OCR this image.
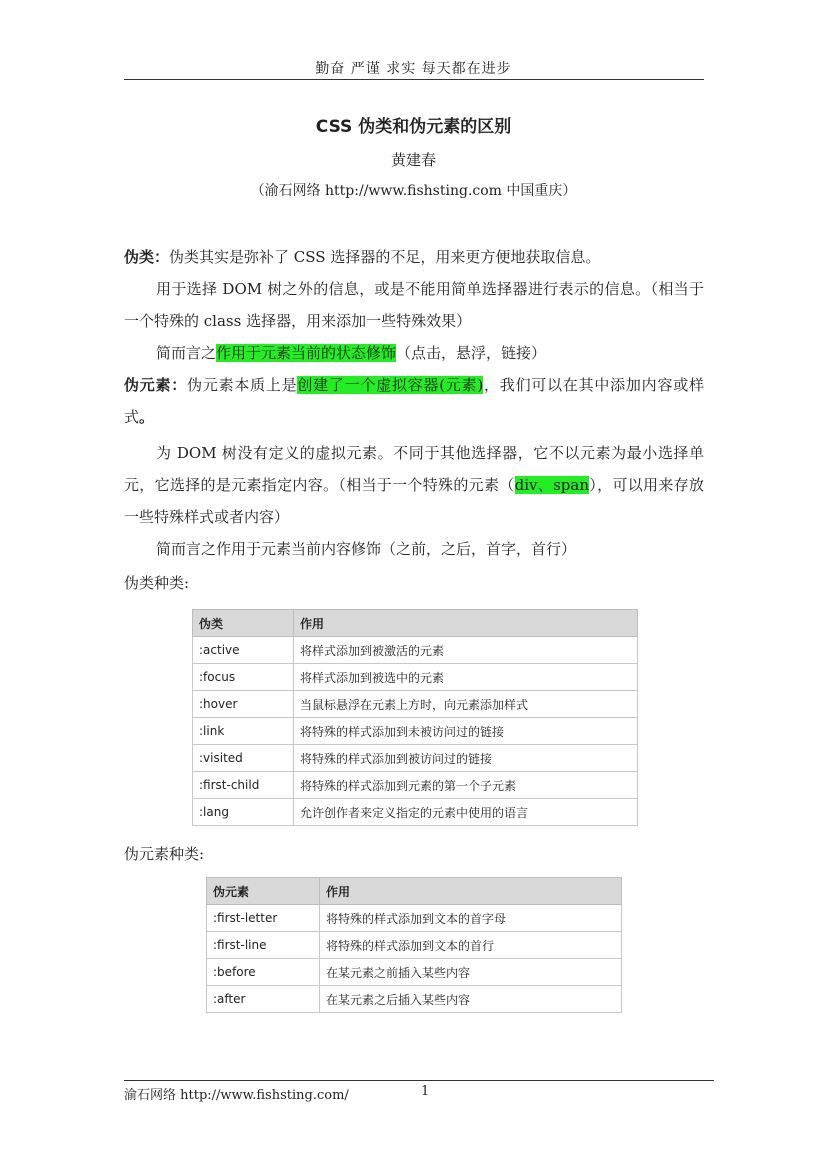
勤奋 严谨 求实 每天都在进步
CSS 伪类和伪元素的区别
黄建春
（渝石网络 http://www.fishsting.com 中国重庆）
伪类：伪类其实是弥补了 CSS 选择器的不足，用来更方便地获取信息。
用于选择 DOM 树之外的信息，或是不能用简单选择器进行表示的信息。（相当于一个特殊的 class 选择器，用来添加一些特殊效果）
简而言之作用于元素当前的状态修饰（点击，悬浮，链接）
伪元素：伪元素本质上是创建了一个虚拟容器(元素)，我们可以在其中添加内容或样式。
为 DOM 树没有定义的虚拟元素。不同于其他选择器，它不以元素为最小选择单元，它选择的是元素指定内容。（相当于一个特殊的元素（div、span），可以用来存放一些特殊样式或者内容）
简而言之作用于元素当前内容修饰（之前，之后，首字，首行）
伪类种类:
伪类	作用
:active	将样式添加到被激活的元素
:focus	将样式添加到被选中的元素
:hover	当鼠标悬浮在元素上方时，向元素添加样式
:link	将特殊的样式添加到未被访问过的链接
:visited	将特殊的样式添加到被访问过的链接
:first-child	将特殊的样式添加到元素的第一个子元素
:lang	允许创作者来定义指定的元素中使用的语言
伪元素种类:
伪元素	作用
:first-letter	将特殊的样式添加到文本的首字母
:first-line	将特殊的样式添加到文本的首行
:before	在某元素之前插入某些内容
:after	在某元素之后插入某些内容
渝石网络 http://www.fishsting.com/	1
